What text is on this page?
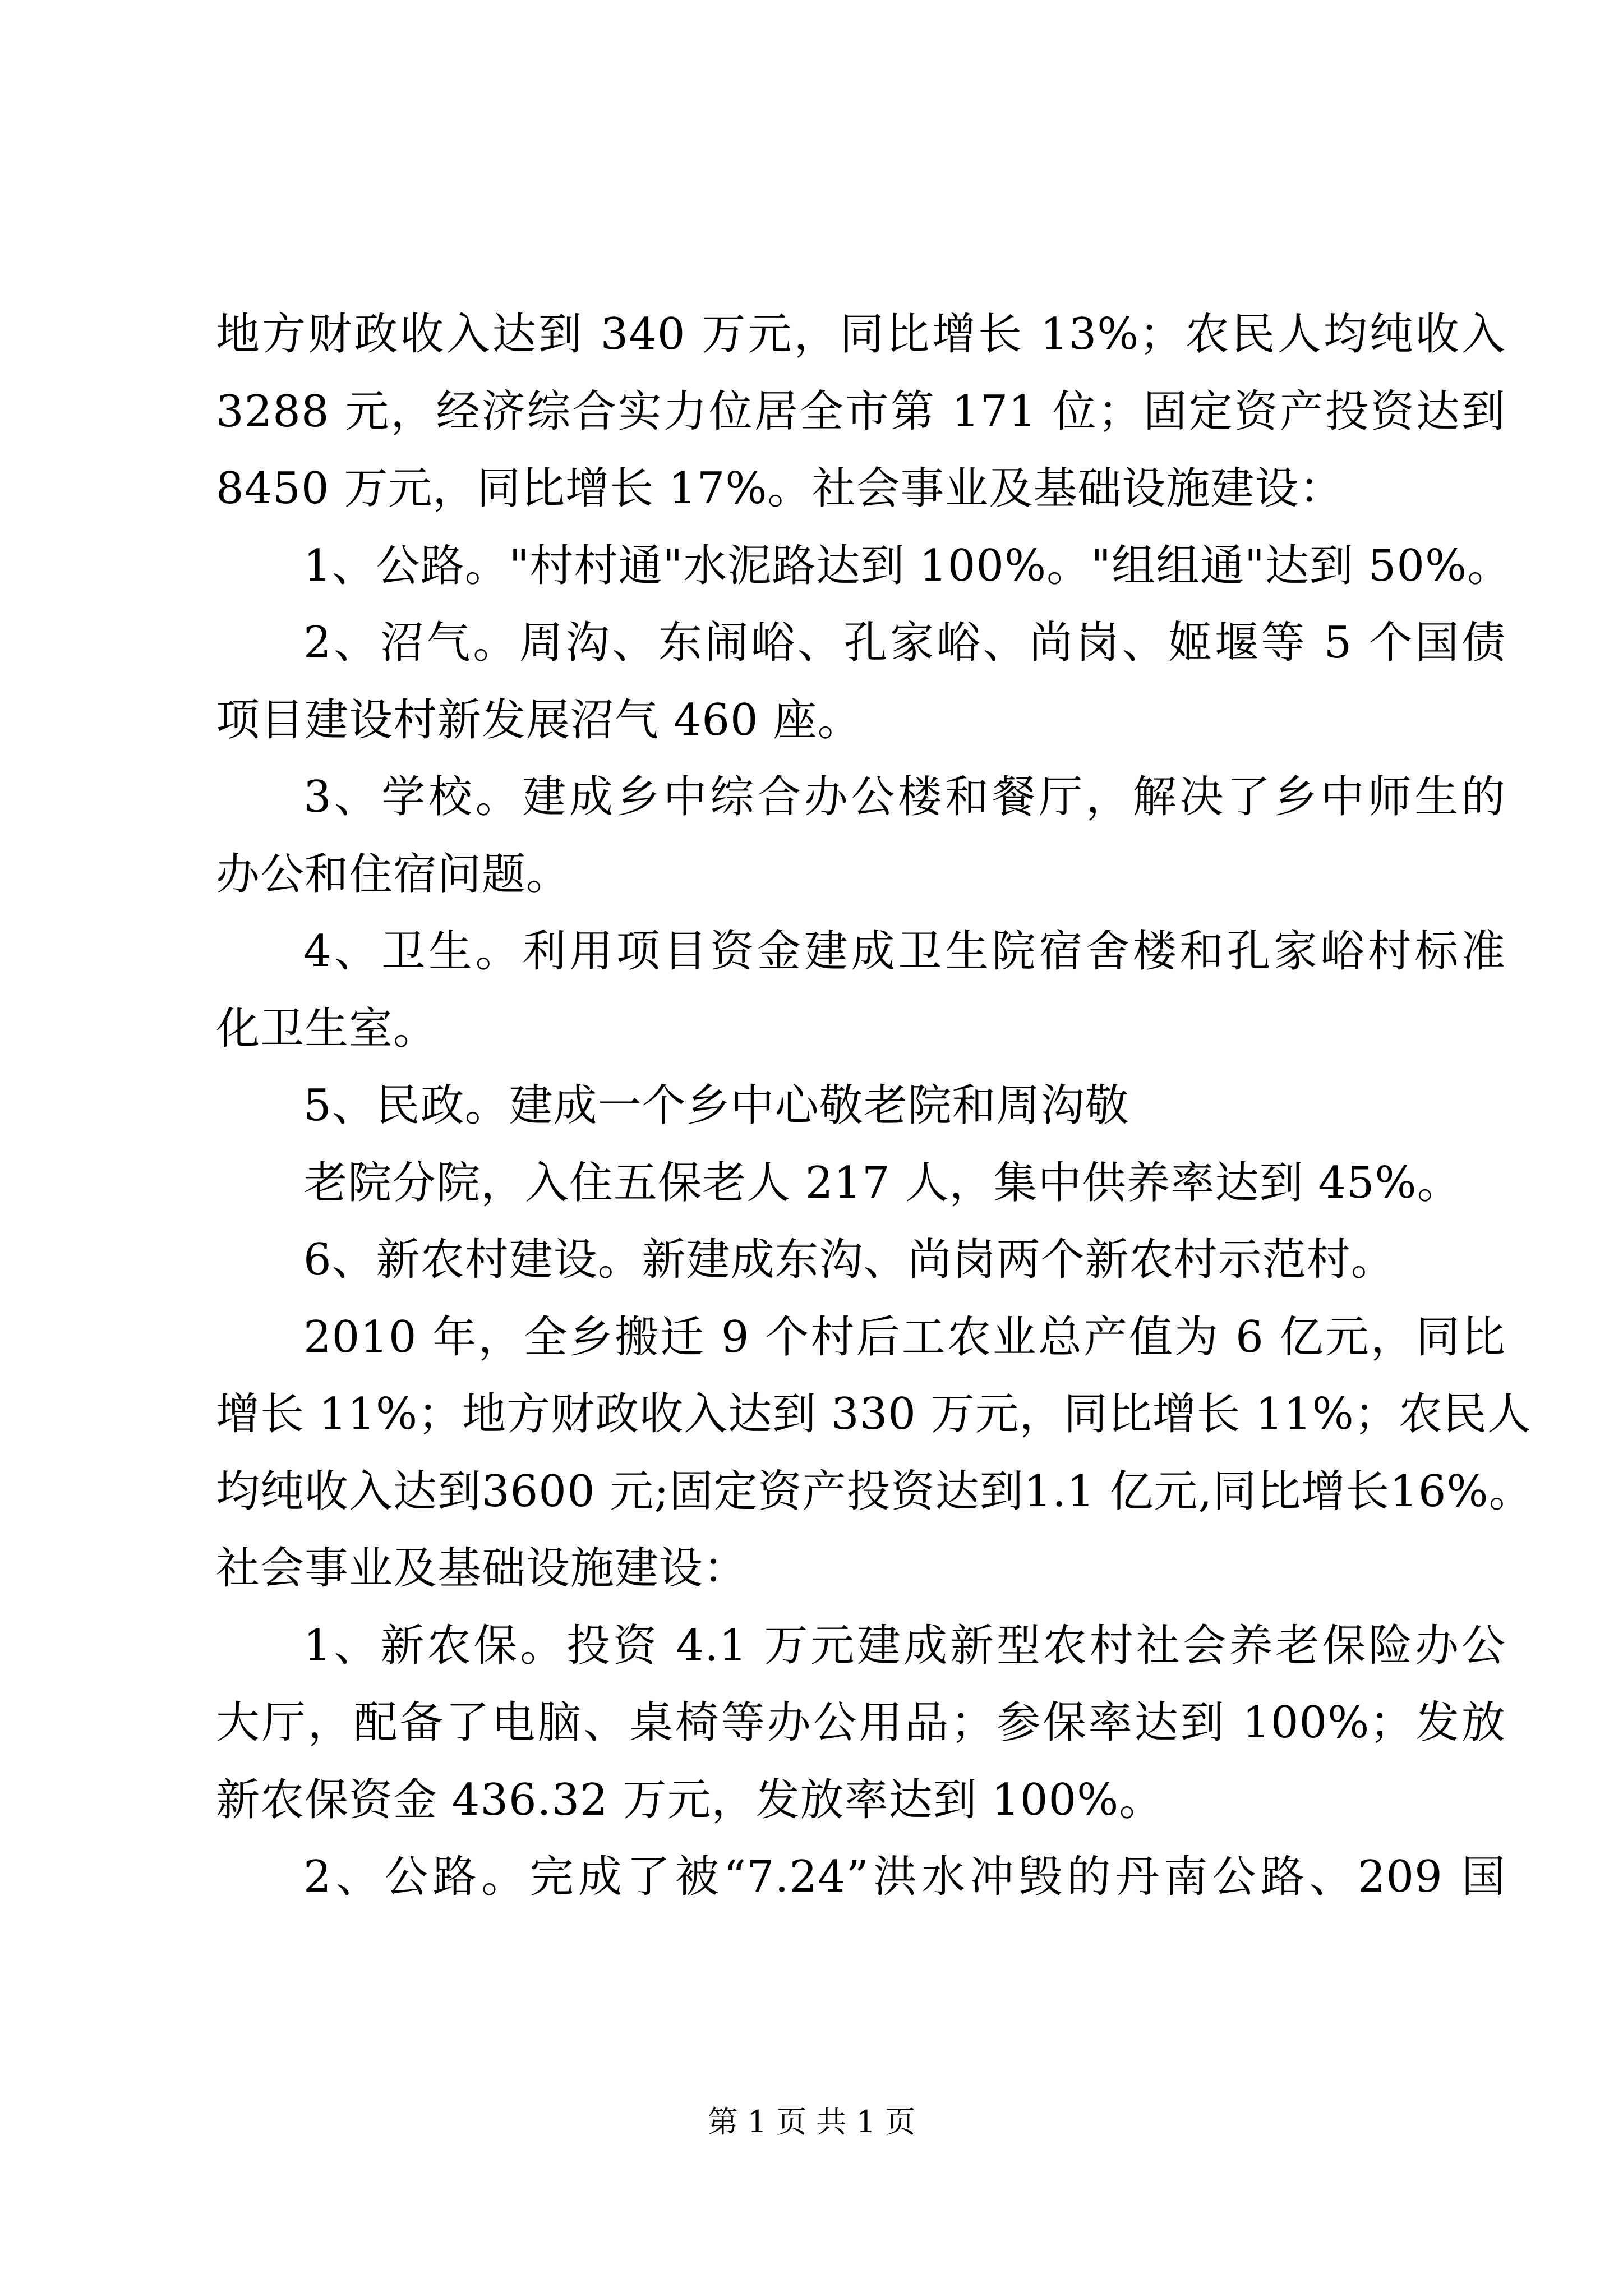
地方财政收入达到 340 万元，同比增长 13%；农民人均纯收入
3288 元，经济综合实力位居全市第 171 位；固定资产投资达到
8450 万元，同比增长 17%。社会事业及基础设施建设：
1、公路。"村村通"水泥路达到 100%。"组组通"达到 50%。
2、沼气。周沟、东闹峪、孔家峪、尚岗、姬堰等 5 个国债
项目建设村新发展沼气 460 座。
3、学校。建成乡中综合办公楼和餐厅，解决了乡中师生的
办公和住宿问题。
4、卫生。利用项目资金建成卫生院宿舍楼和孔家峪村标准
化卫生室。
5、民政。建成一个乡中心敬老院和周沟敬
老院分院，入住五保老人 217 人，集中供养率达到 45%。
6、新农村建设。新建成东沟、尚岗两个新农村示范村。
2010 年，全乡搬迁 9 个村后工农业总产值为 6 亿元，同比
增长 11%；地方财政收入达到 330 万元，同比增长 11%；农民人
均纯收入达到3600 元;固定资产投资达到1.1 亿元,同比增长16%。
社会事业及基础设施建设：
1、新农保。投资 4.1 万元建成新型农村社会养老保险办公
大厅，配备了电脑、桌椅等办公用品；参保率达到 100%；发放
新农保资金 436.32 万元，发放率达到 100%。
2、公路。完成了被“7.24”洪水冲毁的丹南公路、209 国
第 1 页 共 1 页
